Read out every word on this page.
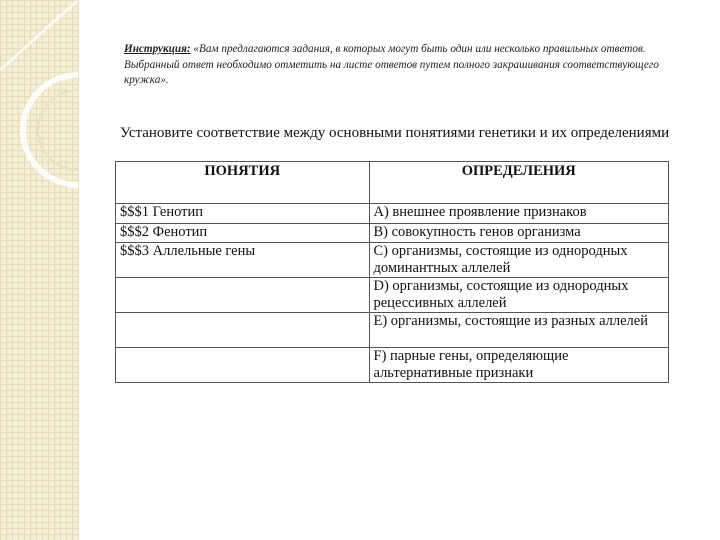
Инструкция: «Вам предлагаются задания, в которых могут быть один или несколько правильных ответов. Выбранный ответ необходимо отметить на листе ответов путем полного закрашивания соответствующего кружка».
Установите соответствие между основными понятиями генетики и их определениями
ПОНЯТИЯ	ОПРЕДЕЛЕНИЯ
$$$1 Генотип	А) внешнее проявление признаков
$$$2 Фенотип	В) совокупность генов организма
$$$3 Аллельные гены	С) организмы, состоящие из однородных доминантных аллелей
	D) организмы, состоящие из однородных рецессивных аллелей
	Е) организмы, состоящие из разных аллелей
	F) парные гены, определяющие альтернативные признаки
